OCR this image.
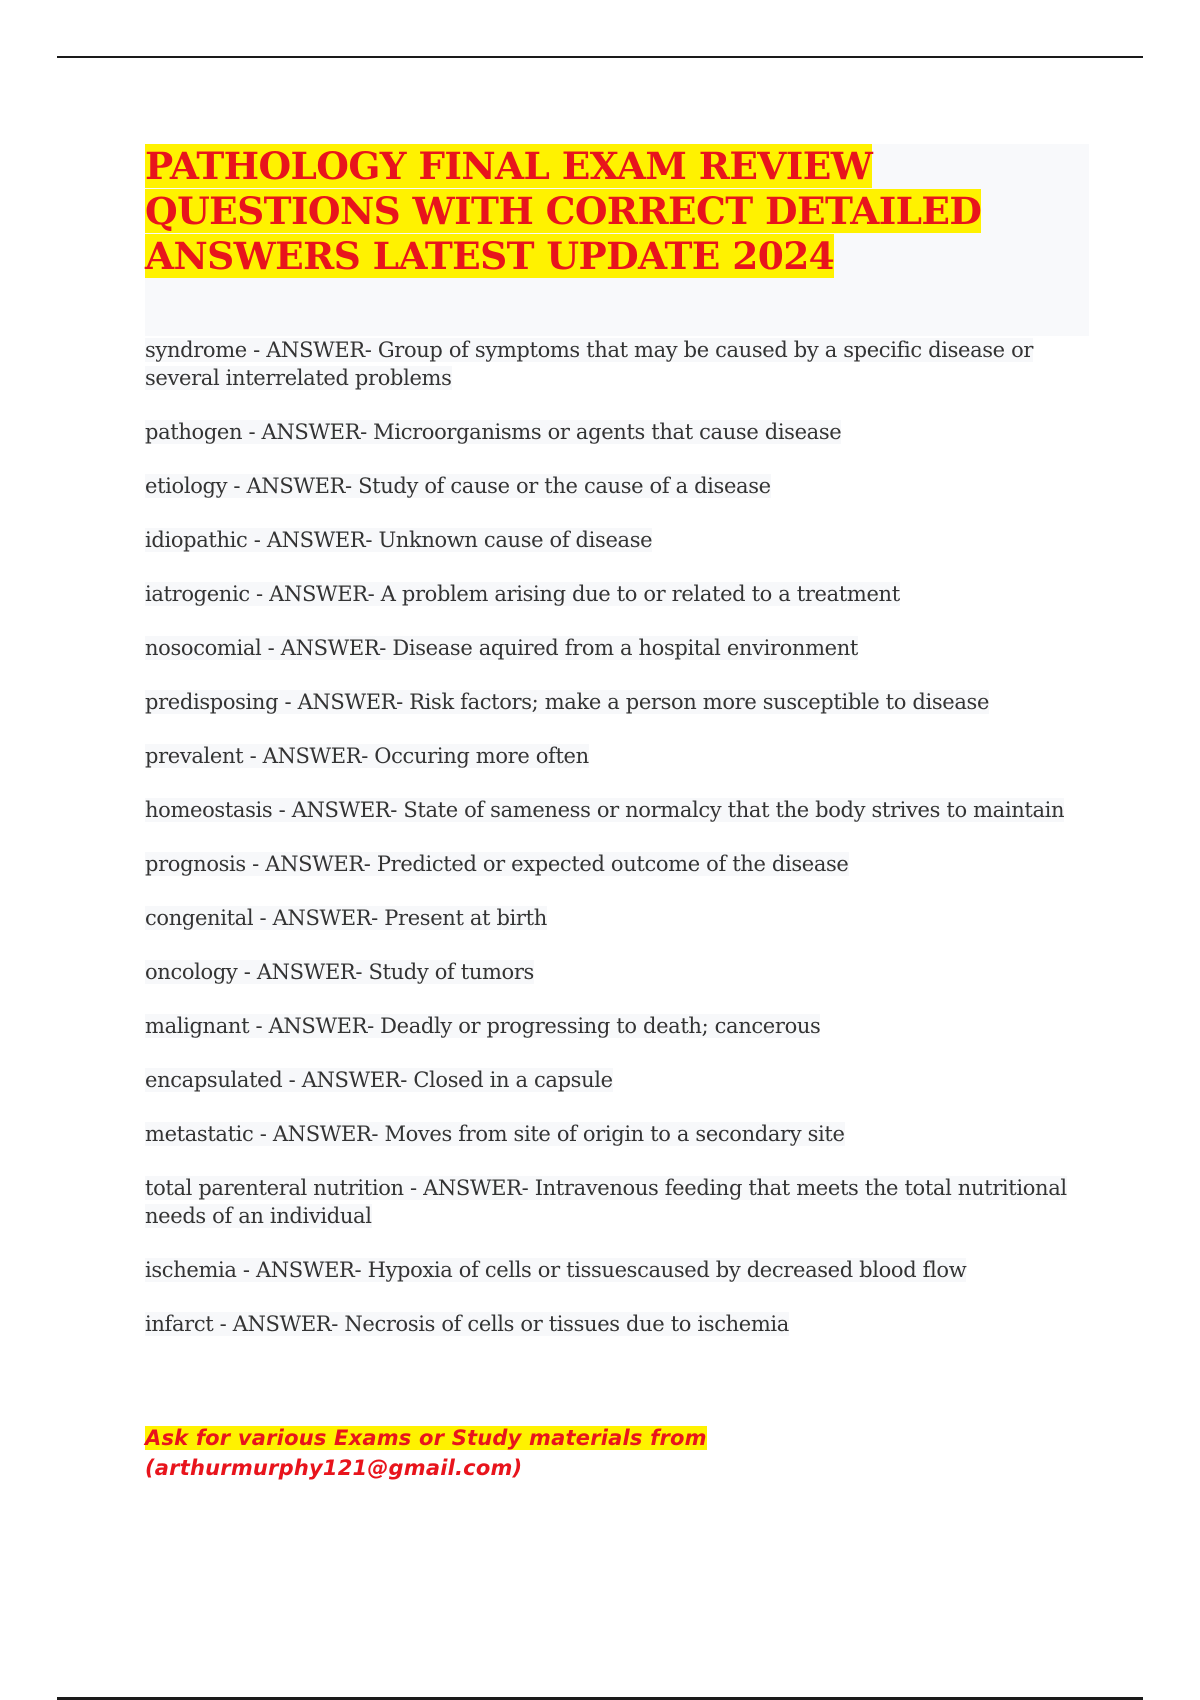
PATHOLOGY FINAL EXAM REVIEW QUESTIONS WITH CORRECT DETAILED ANSWERS LATEST UPDATE 2024

syndrome - ANSWER- Group of symptoms that may be caused by a specific disease or several interrelated problems

pathogen - ANSWER- Microorganisms or agents that cause disease

etiology - ANSWER- Study of cause or the cause of a disease

idiopathic - ANSWER- Unknown cause of disease

iatrogenic - ANSWER- A problem arising due to or related to a treatment

nosocomial - ANSWER- Disease aquired from a hospital environment

predisposing - ANSWER- Risk factors; make a person more susceptible to disease

prevalent - ANSWER- Occuring more often

homeostasis - ANSWER- State of sameness or normalcy that the body strives to maintain

prognosis - ANSWER- Predicted or expected outcome of the disease

congenital - ANSWER- Present at birth

oncology - ANSWER- Study of tumors

malignant - ANSWER- Deadly or progressing to death; cancerous

encapsulated - ANSWER- Closed in a capsule

metastatic - ANSWER- Moves from site of origin to a secondary site

total parenteral nutrition - ANSWER- Intravenous feeding that meets the total nutritional needs of an individual

ischemia - ANSWER- Hypoxia of cells or tissuescaused by decreased blood flow

infarct - ANSWER- Necrosis of cells or tissues due to ischemia

Ask for various Exams or Study materials from
(arthurmurphy121@gmail.com)
